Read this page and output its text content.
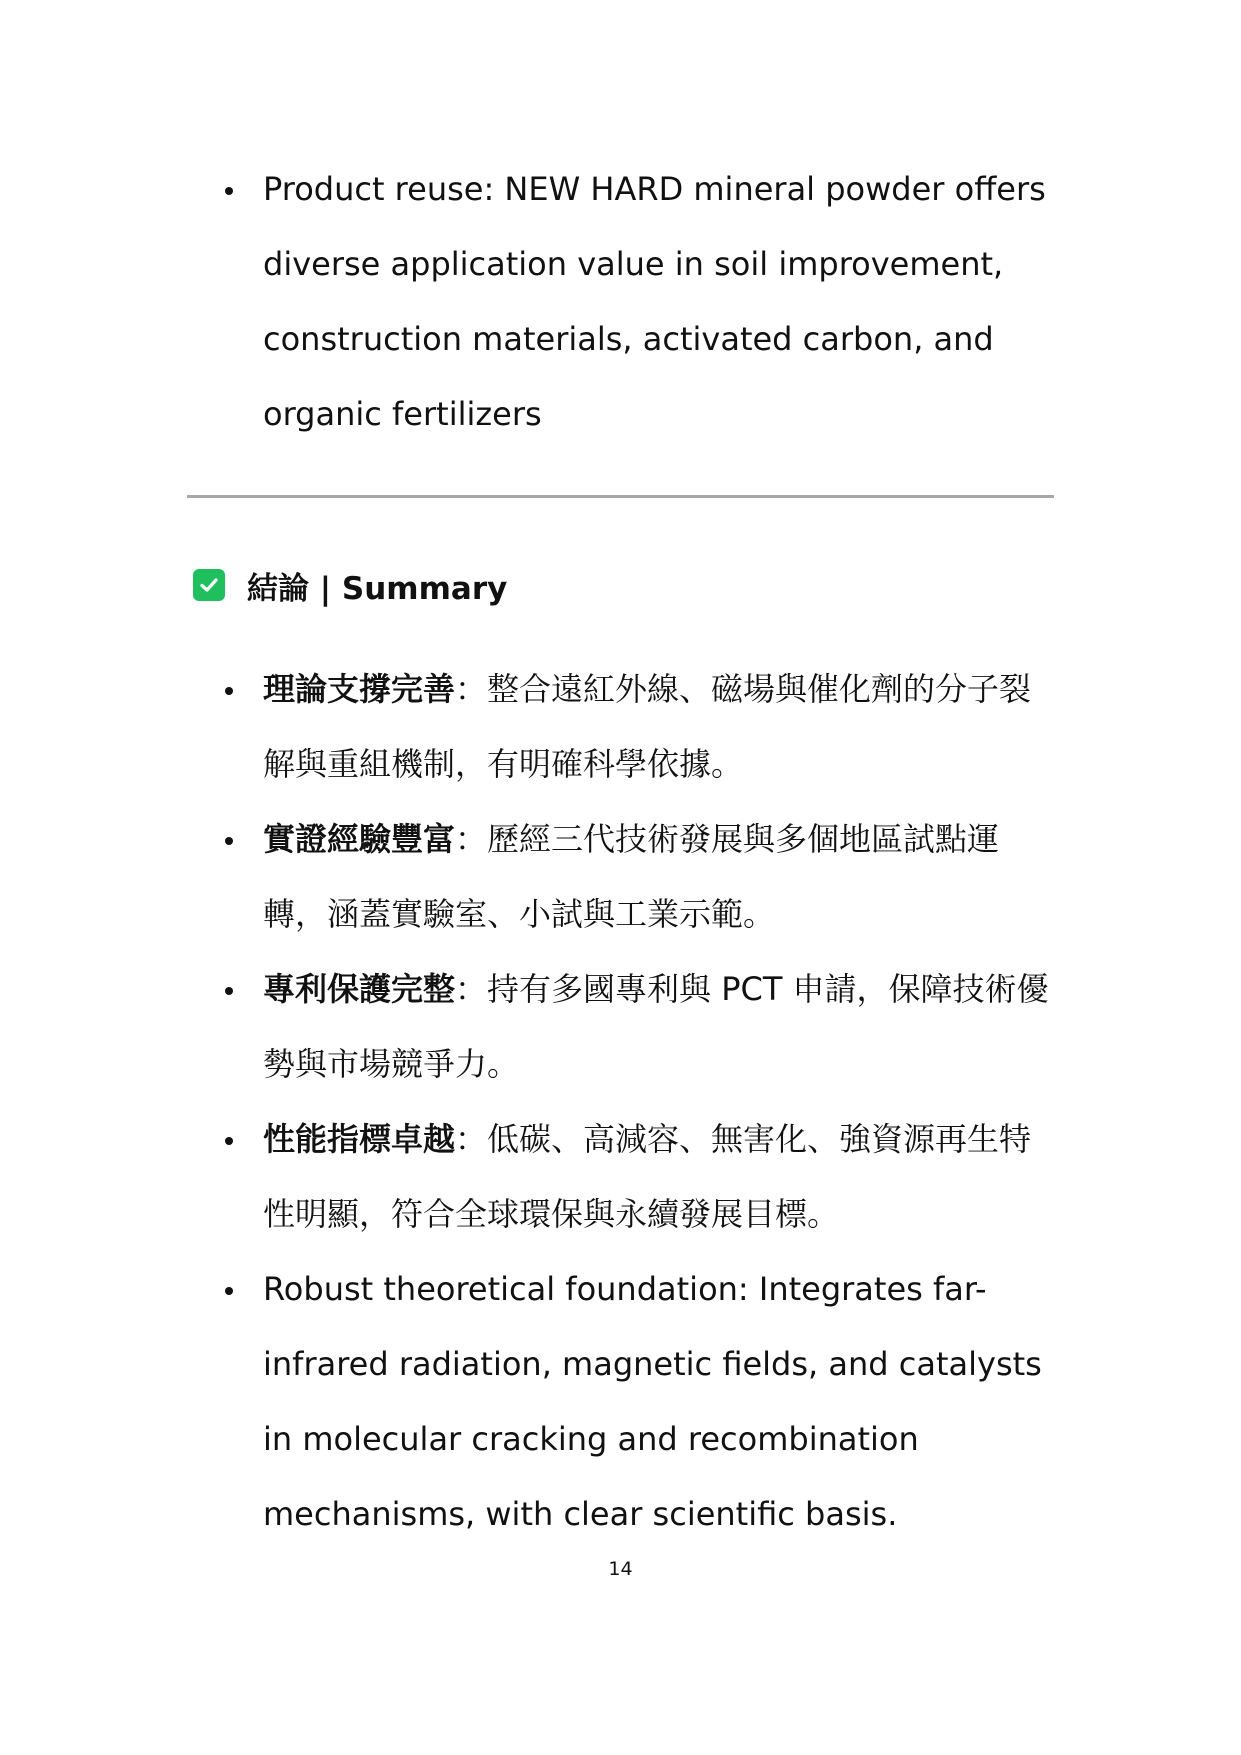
Product reuse: NEW HARD mineral powder offers diverse application value in soil improvement, construction materials, activated carbon, and organic fertilizers
結論 | Summary
理論支撐完善：整合遠紅外線、磁場與催化劑的分子裂解與重組機制，有明確科學依據。
實證經驗豐富：歷經三代技術發展與多個地區試點運轉，涵蓋實驗室、小試與工業示範。
專利保護完整：持有多國專利與 PCT 申請，保障技術優勢與市場競爭力。
性能指標卓越：低碳、高減容、無害化、強資源再生特性明顯，符合全球環保與永續發展目標。
Robust theoretical foundation: Integrates far-infrared radiation, magnetic fields, and catalysts in molecular cracking and recombination mechanisms, with clear scientific basis.
14
